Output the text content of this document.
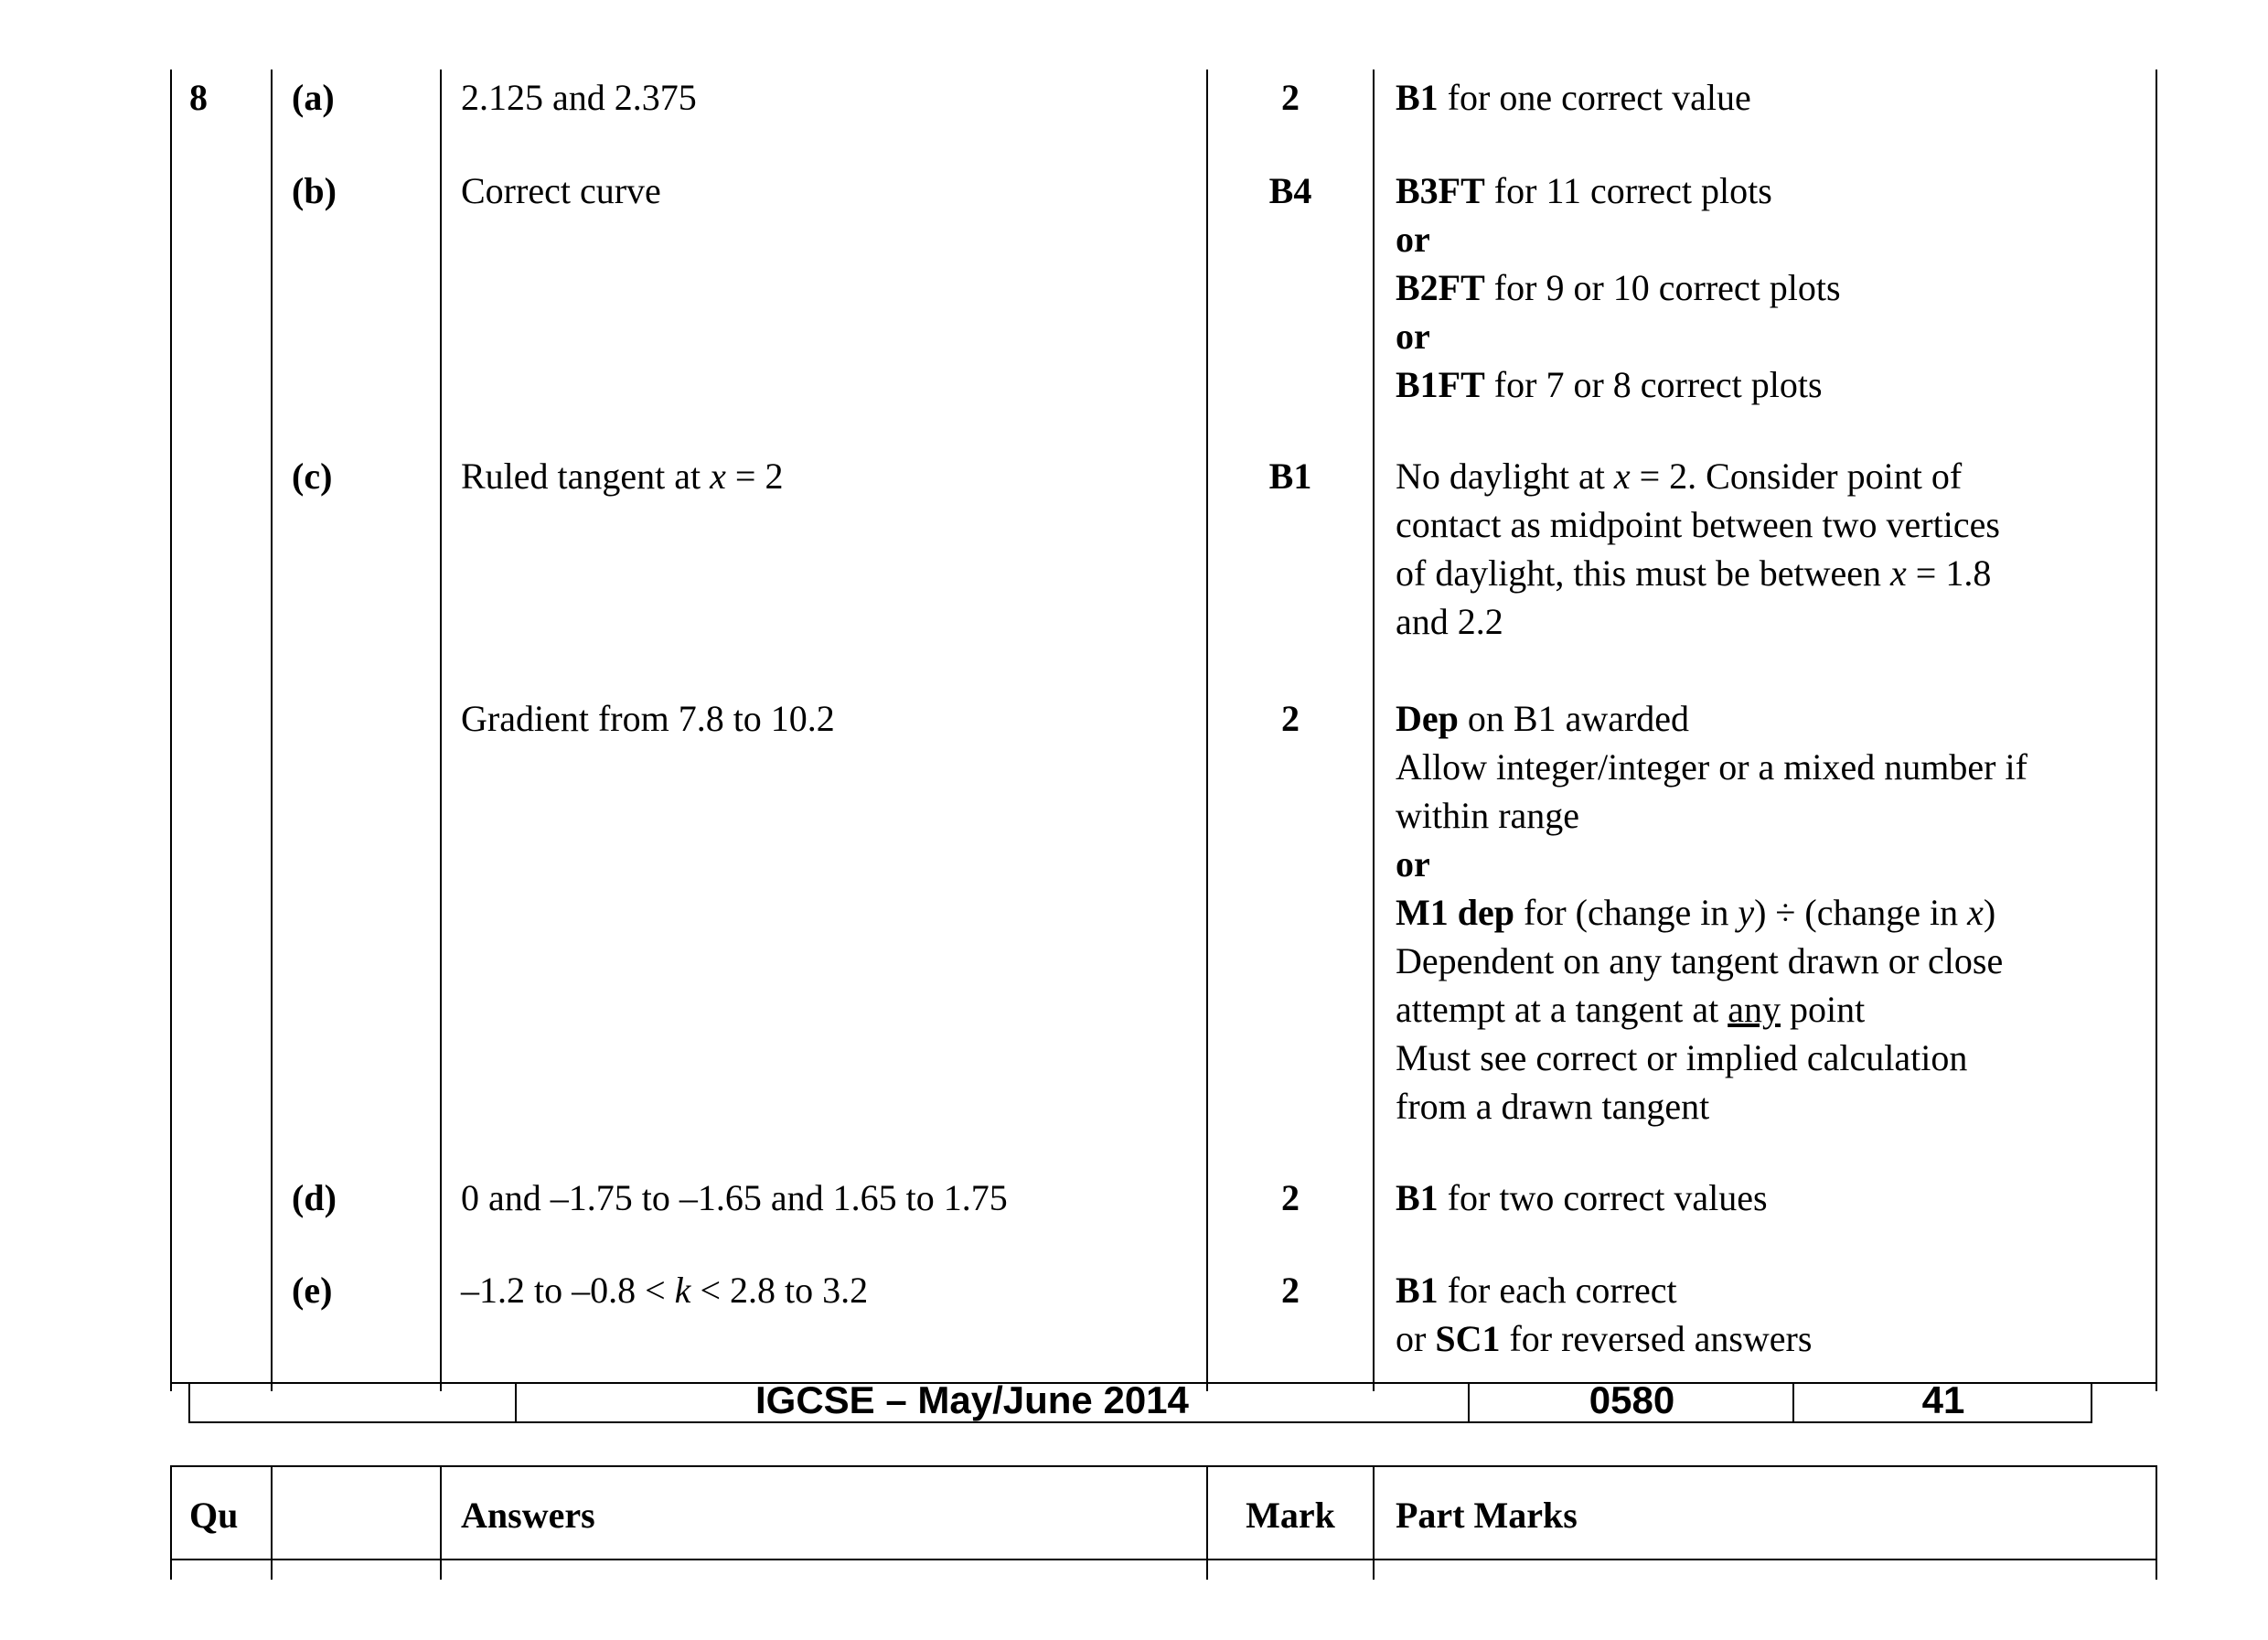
8 (a)	2.125 and 2.375	2	B1 for one correct value
(b)	Correct curve	B4	B3FT for 11 correct plots
or
B2FT for 9 or 10 correct plots
or
B1FT for 7 or 8 correct plots
(c)	Ruled tangent at x = 2	B1	No daylight at x = 2. Consider point of
contact as midpoint between two vertices
of daylight, this must be between x = 1.8
and 2.2
Gradient from 7.8 to 10.2	2	Dep on B1 awarded
Allow integer/integer or a mixed number if
within range
or
M1 dep for (change in y) ÷ (change in x)
Dependent on any tangent drawn or close
attempt at a tangent at any point
Must see correct or implied calculation
from a drawn tangent
(d)	0 and –1.75 to –1.65 and 1.65 to 1.75	2	B1 for two correct values
(e)	–1.2 to –0.8 < k < 2.8 to 3.2	2	B1 for each correct
or SC1 for reversed answers
IGCSE – May/June 2014	0580	41
Qu	Answers	Mark	Part Marks
